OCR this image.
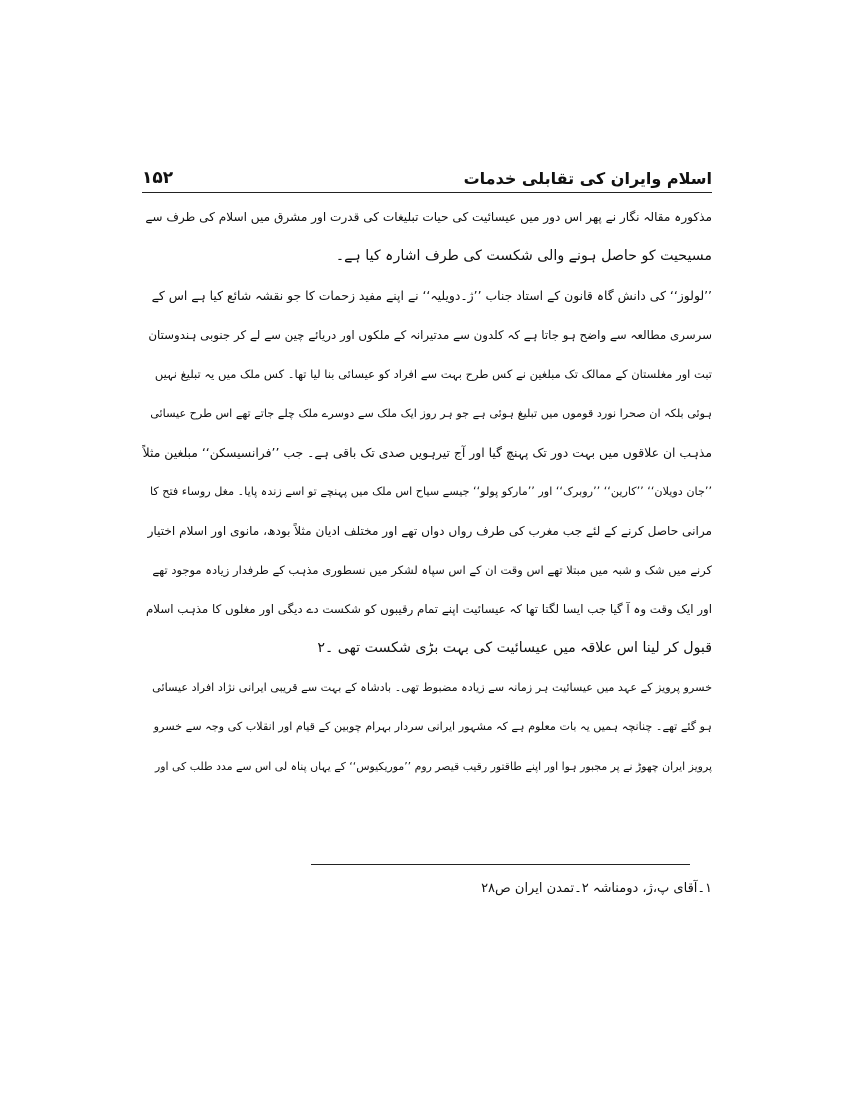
۱۵۲	اسلام وایران کی تقابلی خدمات
مذکورہ مقالہ نگار نے پھر اس دور میں عیسائیت کی حیات تبلیغات کی قدرت اور مشرق میں اسلام کی طرف سے
مسیحیت کو حاصل ہونے والی شکست کی طرف اشارہ کیا ہے۔
’’لولوز‘‘ کی دانش گاہ قانون کے استاد جناب ’’ژ۔دویلیہ‘‘ نے اپنے مفید زحمات کا جو نقشہ شائع کیا ہے اس کے
سرسری مطالعہ سے واضح ہو جاتا ہے کہ کلدون سے مدتیرانہ کے ملکوں اور دریائے چین سے لے کر جنوبی ہندوستان
تبت اور مغلستان کے ممالک تک مبلغین نے کس طرح بہت سے افراد کو عیسائی بنا لیا تھا۔ کس ملک میں یہ تبلیغ نہیں
ہوئی بلکہ ان صحرا نورد قوموں میں تبلیغ ہوئی ہے جو ہر روز ایک ملک سے دوسرے ملک چلے جاتے تھے اس طرح عیسائی
مذہب ان علاقوں میں بہت دور تک پہنچ گیا اور آج تیرہویں صدی تک باقی ہے۔ جب ’’فرانسیسکن‘‘ مبلغین مثلاً
’’جان دویلان‘‘ ’’کارین‘‘ ’’روبرک‘‘ اور ’’مارکو پولو‘‘ جیسے سیاح اس ملک میں پہنچے تو اسے زندہ پایا۔ مغل روساء فتح کا
مرانی حاصل کرنے کے لئے جب مغرب کی طرف رواں دواں تھے اور مختلف ادیان مثلاً بودھ، مانوی اور اسلام اختیار
کرنے میں شک و شبہ میں مبتلا تھے اس وقت ان کے اس سپاہ لشکر میں نسطوری مذہب کے طرفدار زیادہ موجود تھے
اور ایک وقت وہ آ گیا جب ایسا لگتا تھا کہ عیسائیت اپنے تمام رقیبوں کو شکست دے دیگی اور مغلوں کا مذہب اسلام
قبول کر لینا اس علاقہ میں عیسائیت کی بہت بڑی شکست تھی ۔۲
خسرو پرویز کے عہد میں عیسائیت ہر زمانہ سے زیادہ مضبوط تھی۔ بادشاہ کے بہت سے قریبی ایرانی نژاد افراد عیسائی
ہو گئے تھے۔ چنانچہ ہمیں یہ بات معلوم ہے کہ مشہور ایرانی سردار بہرام چوبین کے قیام اور انقلاب کی وجہ سے خسرو
پرویز ایران چھوڑ نے پر مجبور ہوا اور اپنے طاقتور رقیب قیصر روم ’’موریکیوس‘‘ کے یہاں پناہ لی اس سے مدد طلب کی اور
۱۔آقای پ،ژ، دومناشہ ۲۔تمدن ایران ص۲۸
